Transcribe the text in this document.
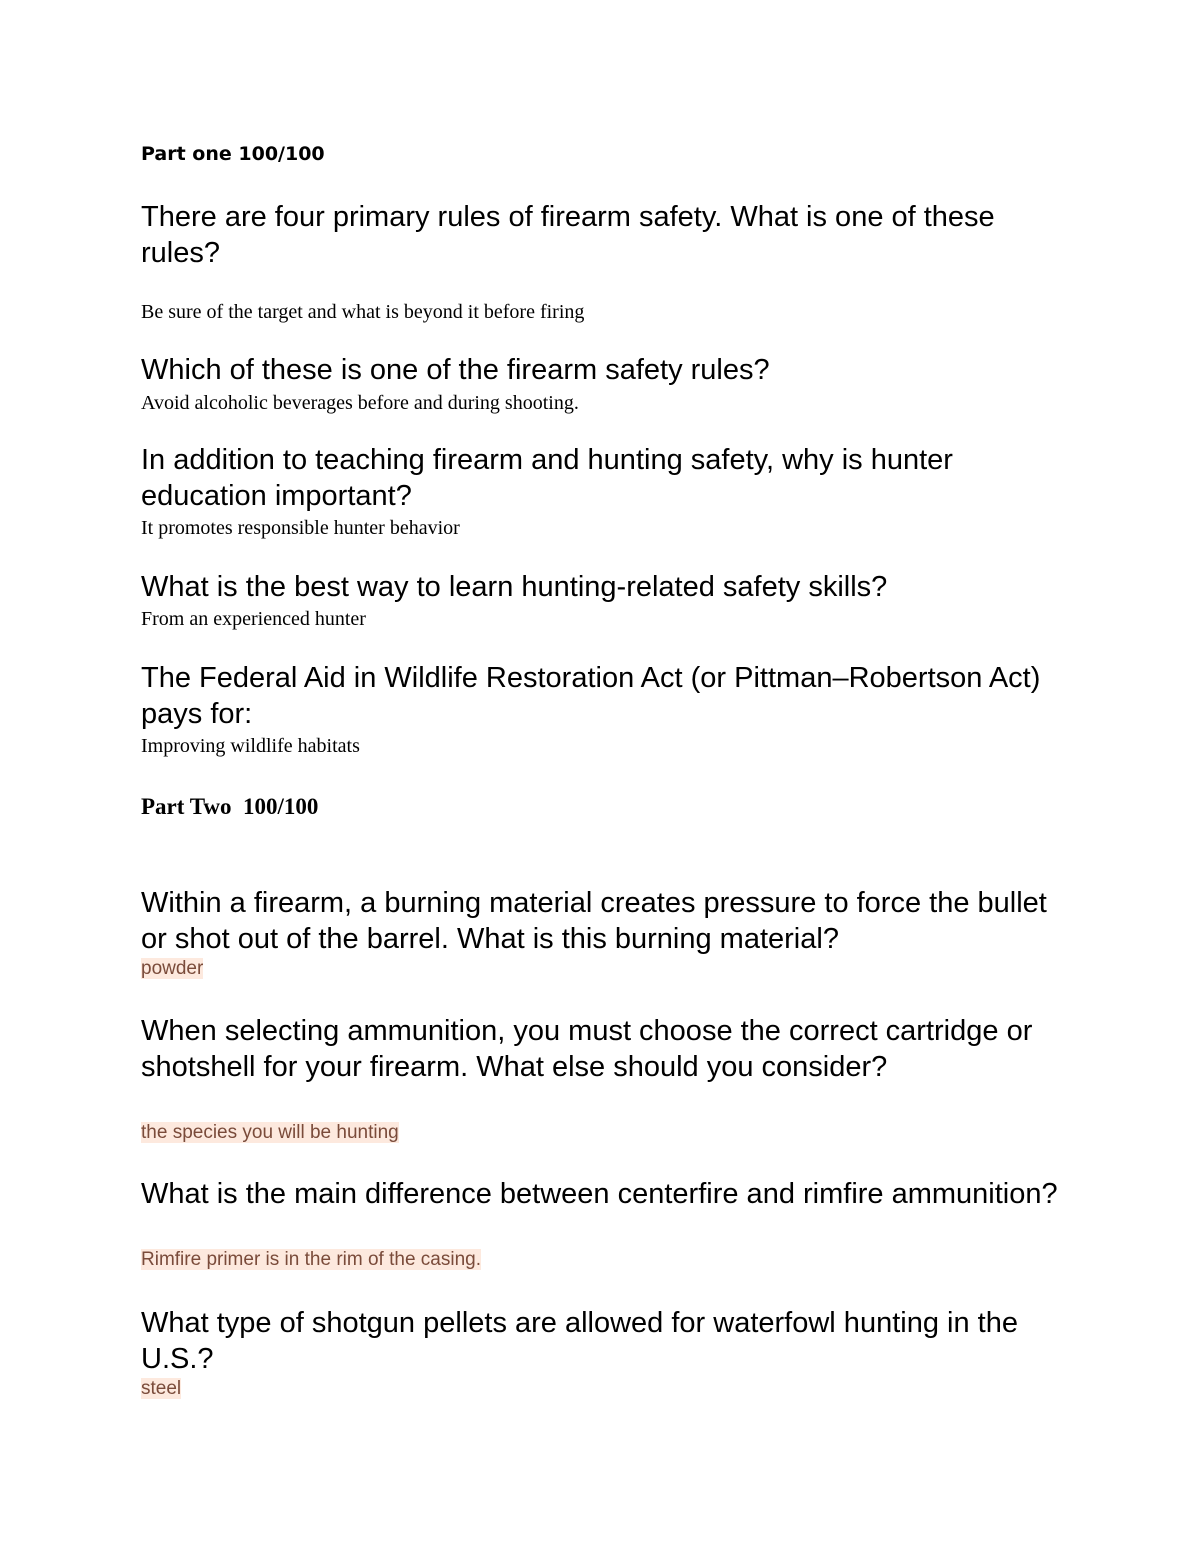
Part one 100/100
There are four primary rules of firearm safety. What is one of these rules?
Be sure of the target and what is beyond it before firing
Which of these is one of the firearm safety rules?
Avoid alcoholic beverages before and during shooting.
In addition to teaching firearm and hunting safety, why is hunter education important?
It promotes responsible hunter behavior
What is the best way to learn hunting-related safety skills?
From an experienced hunter
The Federal Aid in Wildlife Restoration Act (or Pittman–Robertson Act) pays for:
Improving wildlife habitats
Part Two  100/100
Within a firearm, a burning material creates pressure to force the bullet or shot out of the barrel. What is this burning material?
powder
When selecting ammunition, you must choose the correct cartridge or shotshell for your firearm. What else should you consider?
the species you will be hunting
What is the main difference between centerfire and rimfire ammunition?
Rimfire primer is in the rim of the casing.
What type of shotgun pellets are allowed for waterfowl hunting in the U.S.?
steel
